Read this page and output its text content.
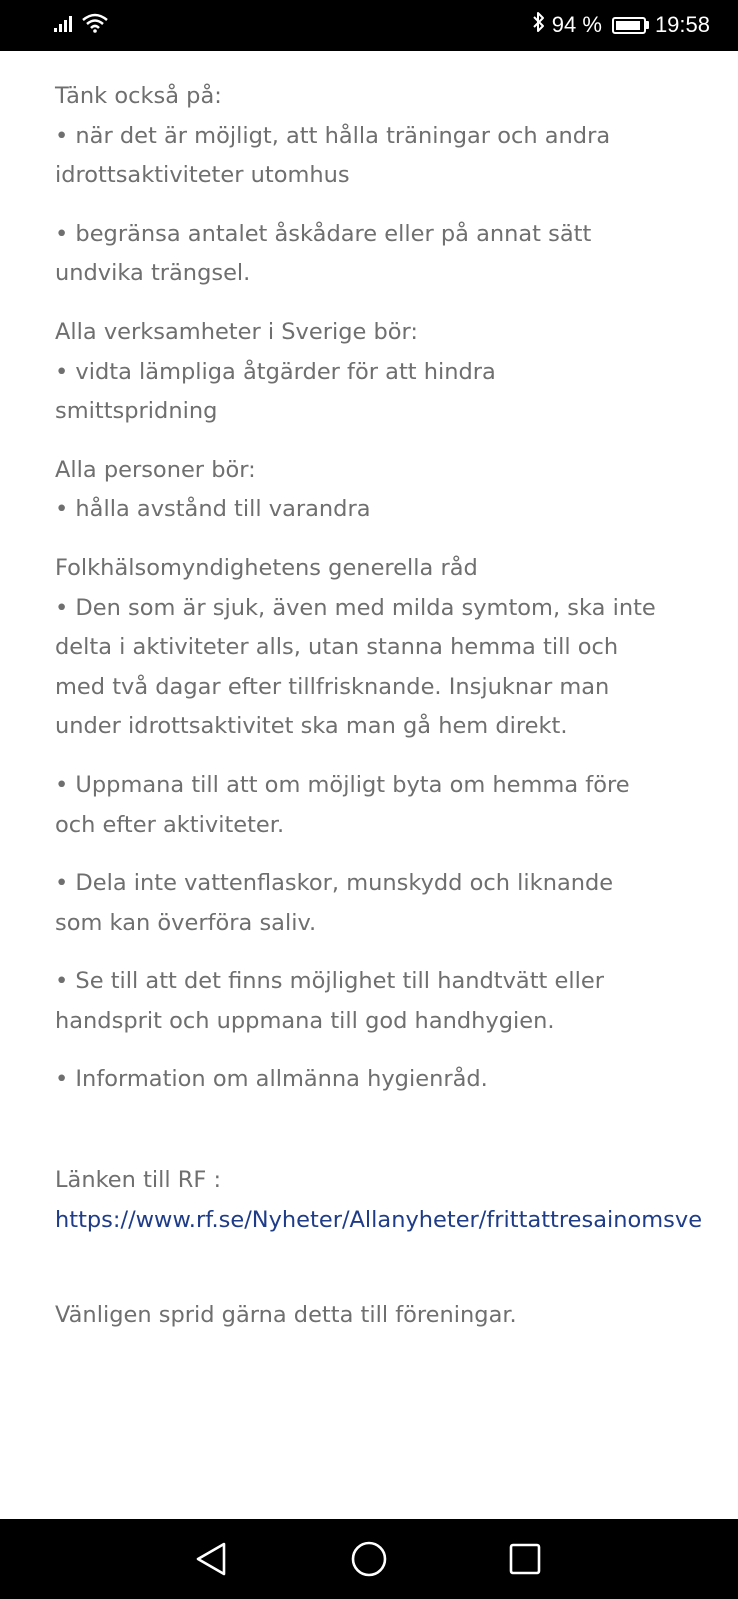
94 % 19:58
Tänk också på:
• när det är möjligt, att hålla träningar och andra
idrottsaktiviteter utomhus
• begränsa antalet åskådare eller på annat sätt
undvika trängsel.
Alla verksamheter i Sverige bör:
• vidta lämpliga åtgärder för att hindra
smittspridning
Alla personer bör:
• hålla avstånd till varandra
Folkhälsomyndighetens generella råd
• Den som är sjuk, även med milda symtom, ska inte
delta i aktiviteter alls, utan stanna hemma till och
med två dagar efter tillfrisknande. Insjuknar man
under idrottsaktivitet ska man gå hem direkt.
• Uppmana till att om möjligt byta om hemma före
och efter aktiviteter.
• Dela inte vattenflaskor, munskydd och liknande
som kan överföra saliv.
• Se till att det finns möjlighet till handtvätt eller
handsprit och uppmana till god handhygien.
• Information om allmänna hygienråd.
Länken till RF :
https://www.rf.se/Nyheter/Allanyheter/frittattresainomsve
Vänligen sprid gärna detta till föreningar.
